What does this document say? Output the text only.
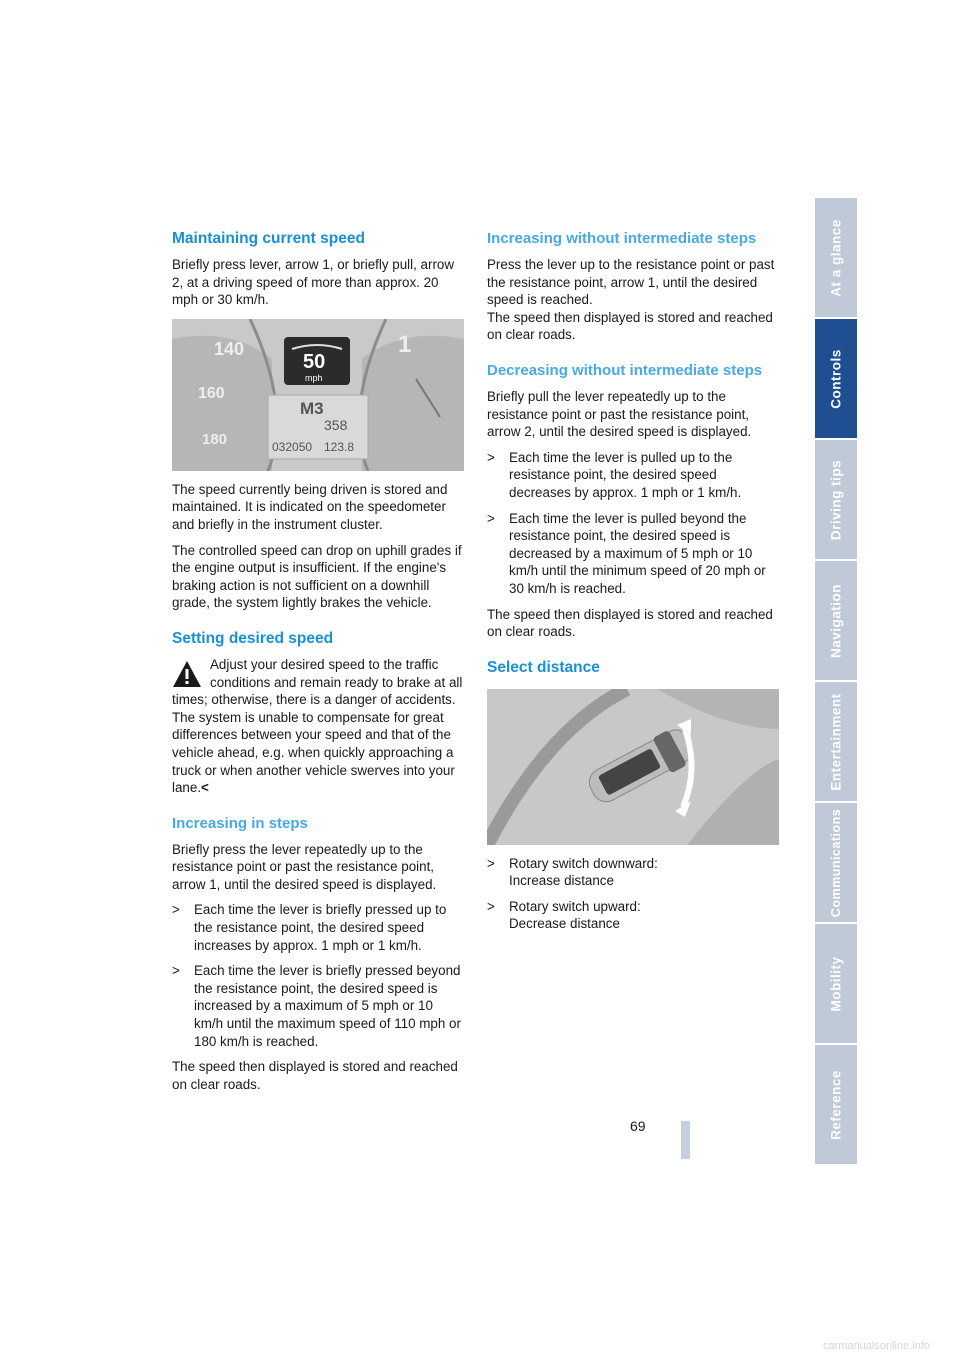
Maintaining current speed

Briefly press lever, arrow 1, or briefly pull, arrow 2, at a driving speed of more than approx. 20 mph or 30 km/h.

50
mph
M3
358
032050 123.8
140
160
180
1

The speed currently being driven is stored and maintained. It is indicated on the speedometer and briefly in the instrument cluster.

The controlled speed can drop on uphill grades if the engine output is insufficient. If the engine's braking action is not sufficient on a downhill grade, the system lightly brakes the vehicle.

Setting desired speed
Adjust your desired speed to the traffic conditions and remain ready to brake at all times; otherwise, there is a danger of accidents. The system is unable to compensate for great differences between your speed and that of the vehicle ahead, e.g. when quickly approaching a truck or when another vehicle swerves into your lane.<
Increasing in steps

Briefly press the lever repeatedly up to the resistance point or past the resistance point, arrow 1, until the desired speed is displayed.

> Each time the lever is briefly pressed up to the resistance point, the desired speed increases by approx. 1 mph or 1 km/h.
> Each time the lever is briefly pressed beyond the resistance point, the desired speed is increased by a maximum of 5 mph or 10 km/h until the maximum speed of 110 mph or 180 km/h is reached.

The speed then displayed is stored and reached on clear roads.

Increasing without intermediate steps

Press the lever up to the resistance point or past the resistance point, arrow 1, until the desired speed is reached.

The speed then displayed is stored and reached on clear roads.

Decreasing without intermediate steps

Briefly pull the lever repeatedly up to the resistance point or past the resistance point, arrow 2, until the desired speed is displayed.

> Each time the lever is pulled up to the resistance point, the desired speed decreases by approx. 1 mph or 1 km/h.
> Each time the lever is pulled beyond the resistance point, the desired speed is decreased by a maximum of 5 mph or 10 km/h until the minimum speed of 20 mph or 30 km/h is reached.

The speed then displayed is stored and reached on clear roads.

Select distance
> Rotary switch downward:
Increase distance
> Rotary switch upward:
Decrease distance
At a glance
Controls
Driving tips
Navigation
Entertainment
Communications
Mobility
Reference
69
carmanualsonline.info
